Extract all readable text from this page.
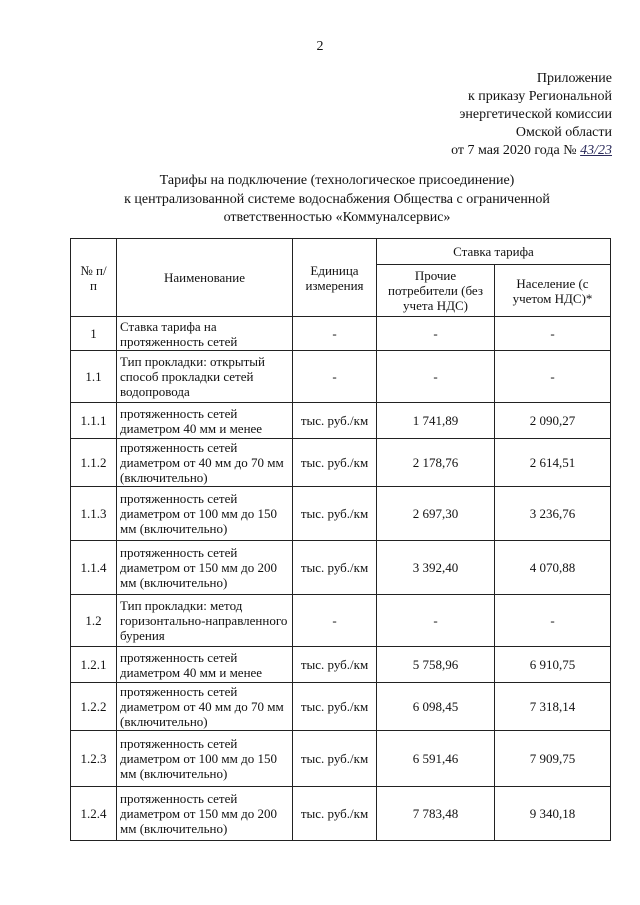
2
Приложение
к приказу Региональной
энергетической комиссии
Омской области
от 7 мая 2020 года № 43/23
Тарифы на подключение (технологическое присоединение)
к централизованной системе водоснабжения Общества с ограниченной
ответственностью «Коммуналсервис»
№ п/п	Наименование	Единица измерения	Ставка тарифа	
			Прочие потребители (без учета НДС)	Население (с учетом НДС)*

1	Ставка тарифа на протяженность сетей	-	-	-
1.1	Тип прокладки: открытый способ прокладки сетей водопровода	-	-	-
1.1.1	протяженность сетей диаметром 40 мм и менее	тыс. руб./км	1 741,89	2 090,27
1.1.2	протяженность сетей диаметром от 40 мм до 70 мм (включительно)	тыс. руб./км	2 178,76	2 614,51
1.1.3	протяженность сетей диаметром от 100 мм до 150 мм (включительно)	тыс. руб./км	2 697,30	3 236,76
1.1.4	протяженность сетей диаметром от 150 мм до 200 мм (включительно)	тыс. руб./км	3 392,40	4 070,88
1.2	Тип прокладки: метод горизонтально-направленного бурения	-	-	-
1.2.1	протяженность сетей диаметром 40 мм и менее	тыс. руб./км	5 758,96	6 910,75
1.2.2	протяженность сетей диаметром от 40 мм до 70 мм (включительно)	тыс. руб./км	6 098,45	7 318,14
1.2.3	протяженность сетей диаметром от 100 мм до 150 мм (включительно)	тыс. руб./км	6 591,46	7 909,75
1.2.4	протяженность сетей диаметром от 150 мм до 200 мм (включительно)	тыс. руб./км	7 783,48	9 340,18
